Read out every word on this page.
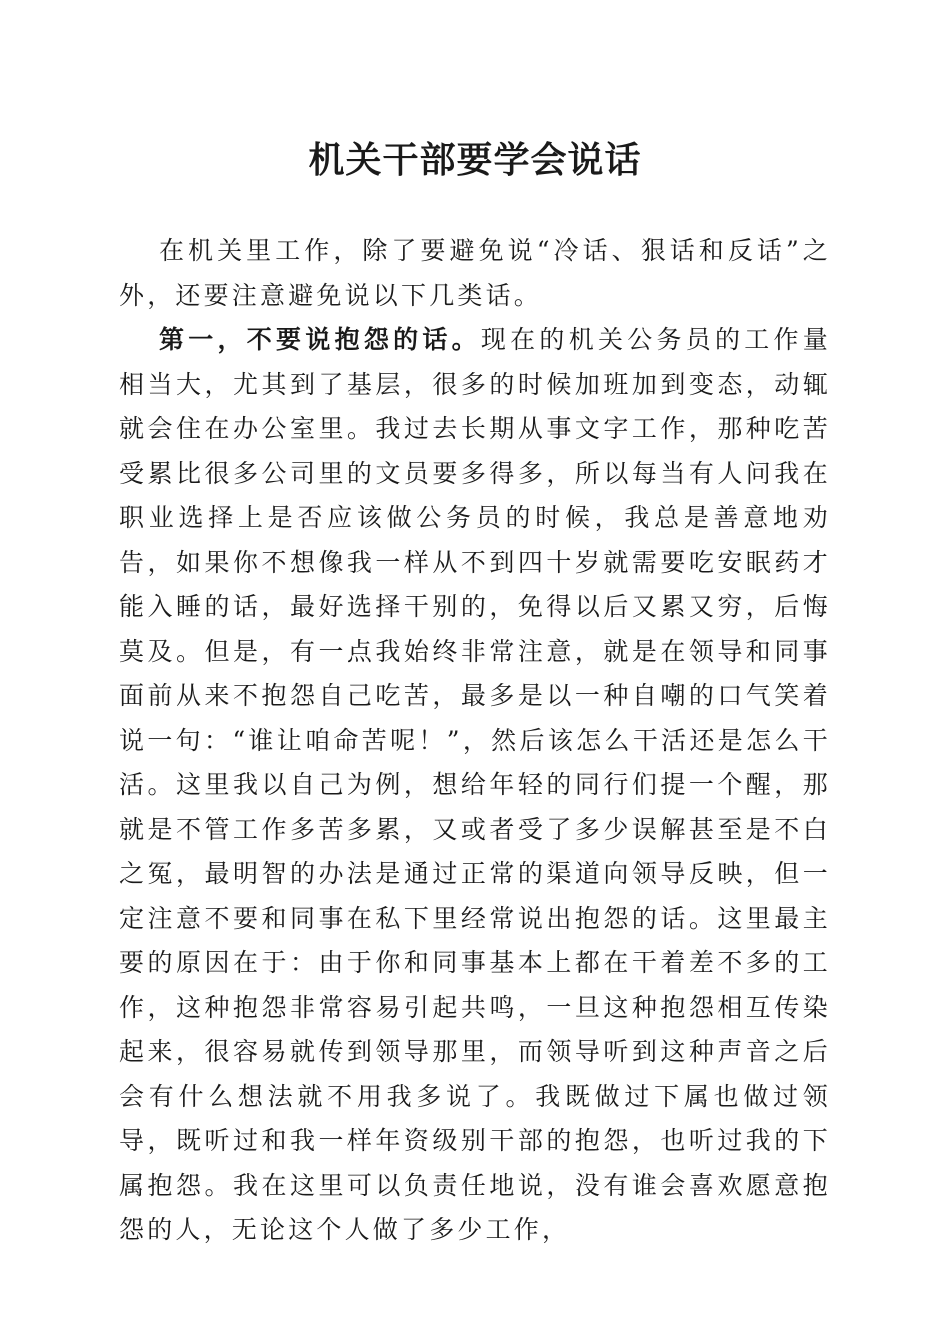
机关干部要学会说话

在机关里工作，除了要避免说“冷话、狠话和反话”之外，还要注意避免说以下几类话。

第一，不要说抱怨的话。现在的机关公务员的工作量相当大，尤其到了基层，很多的时候加班加到变态，动辄就会住在办公室里。我过去长期从事文字工作，那种吃苦受累比很多公司里的文员要多得多，所以每当有人问我在职业选择上是否应该做公务员的时候，我总是善意地劝告，如果你不想像我一样从不到四十岁就需要吃安眠药才能入睡的话，最好选择干别的，免得以后又累又穷，后悔莫及。但是，有一点我始终非常注意，就是在领导和同事面前从来不抱怨自己吃苦，最多是以一种自嘲的口气笑着说一句：“谁让咱命苦呢！”，然后该怎么干活还是怎么干活。这里我以自己为例，想给年轻的同行们提一个醒，那就是不管工作多苦多累，又或者受了多少误解甚至是不白之冤，最明智的办法是通过正常的渠道向领导反映，但一定注意不要和同事在私下里经常说出抱怨的话。这里最主要的原因在于：由于你和同事基本上都在干着差不多的工作，这种抱怨非常容易引起共鸣，一旦这种抱怨相互传染起来，很容易就传到领导那里，而领导听到这种声音之后会有什么想法就不用我多说了。我既做过下属也做过领导，既听过和我一样年资级别干部的抱怨，也听过我的下属抱怨。我在这里可以负责任地说，没有谁会喜欢愿意抱怨的人，无论这个人做了多少工作，
